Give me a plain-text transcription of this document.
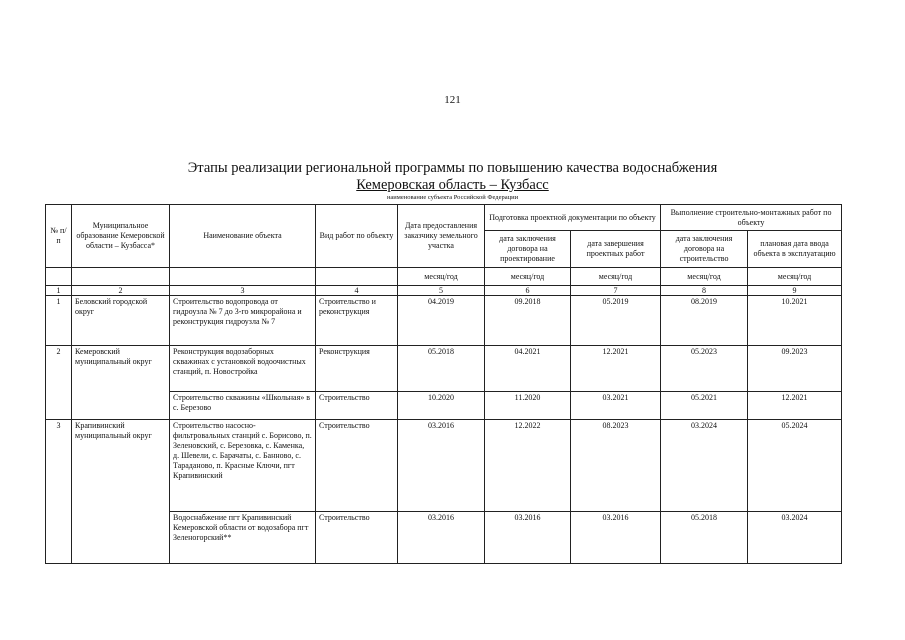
121
Этапы реализации региональной программы по повышению качества водоснабжения
Кемеровская область – Кузбасс
наименование субъекта Российской Федерации
№ п/п	Муниципальное образование Кемеровской области – Кузбасса*	Наименование объекта	Вид работ по объекту	Дата предоставления заказчику земельного участка	Подготовка проектной документации по объекту		Выполнение строительно-монтажных работ по объекту	
					дата заключения договора на проектирование	дата завершения проектных работ	дата заключения договора на строительство	плановая дата ввода объекта в эксплуатацию
				месяц/год	месяц/год	месяц/год	месяц/год	месяц/год
1	2	3	4	5	6	7	8	9
1	Беловский городской округ	Строительство водопровода от гидроузла № 7 до 3-го микрорайона и реконструкция гидроузла № 7	Строительство и реконструкция	04.2019	09.2018	05.2019	08.2019	10.2021
2	Кемеровский муниципальный округ	Реконструкция водозаборных скважинах с установкой водоочистных станций, п. Новостройка	Реконструкция	05.2018	04.2021	12.2021	05.2023	09.2023
		Строительство скважины «Школьная» в с. Березово	Строительство	10.2020	11.2020	03.2021	05.2021	12.2021
3	Крапивинский муниципальный округ	Строительство насосно-фильтровальных станций с. Борисово, п. Зеленовский, с. Березовка, с. Каменка, д. Шевели, с. Барачаты, с. Банново, с. Тараданово, п. Красные Ключи, пгт Крапивинский	Строительство	03.2016	12.2022	08.2023	03.2024	05.2024
		Водоснабжение пгт Крапивинский Кемеровской области от водозабора пгт Зеленогорский**	Строительство	03.2016	03.2016	03.2016	05.2018	03.2024
